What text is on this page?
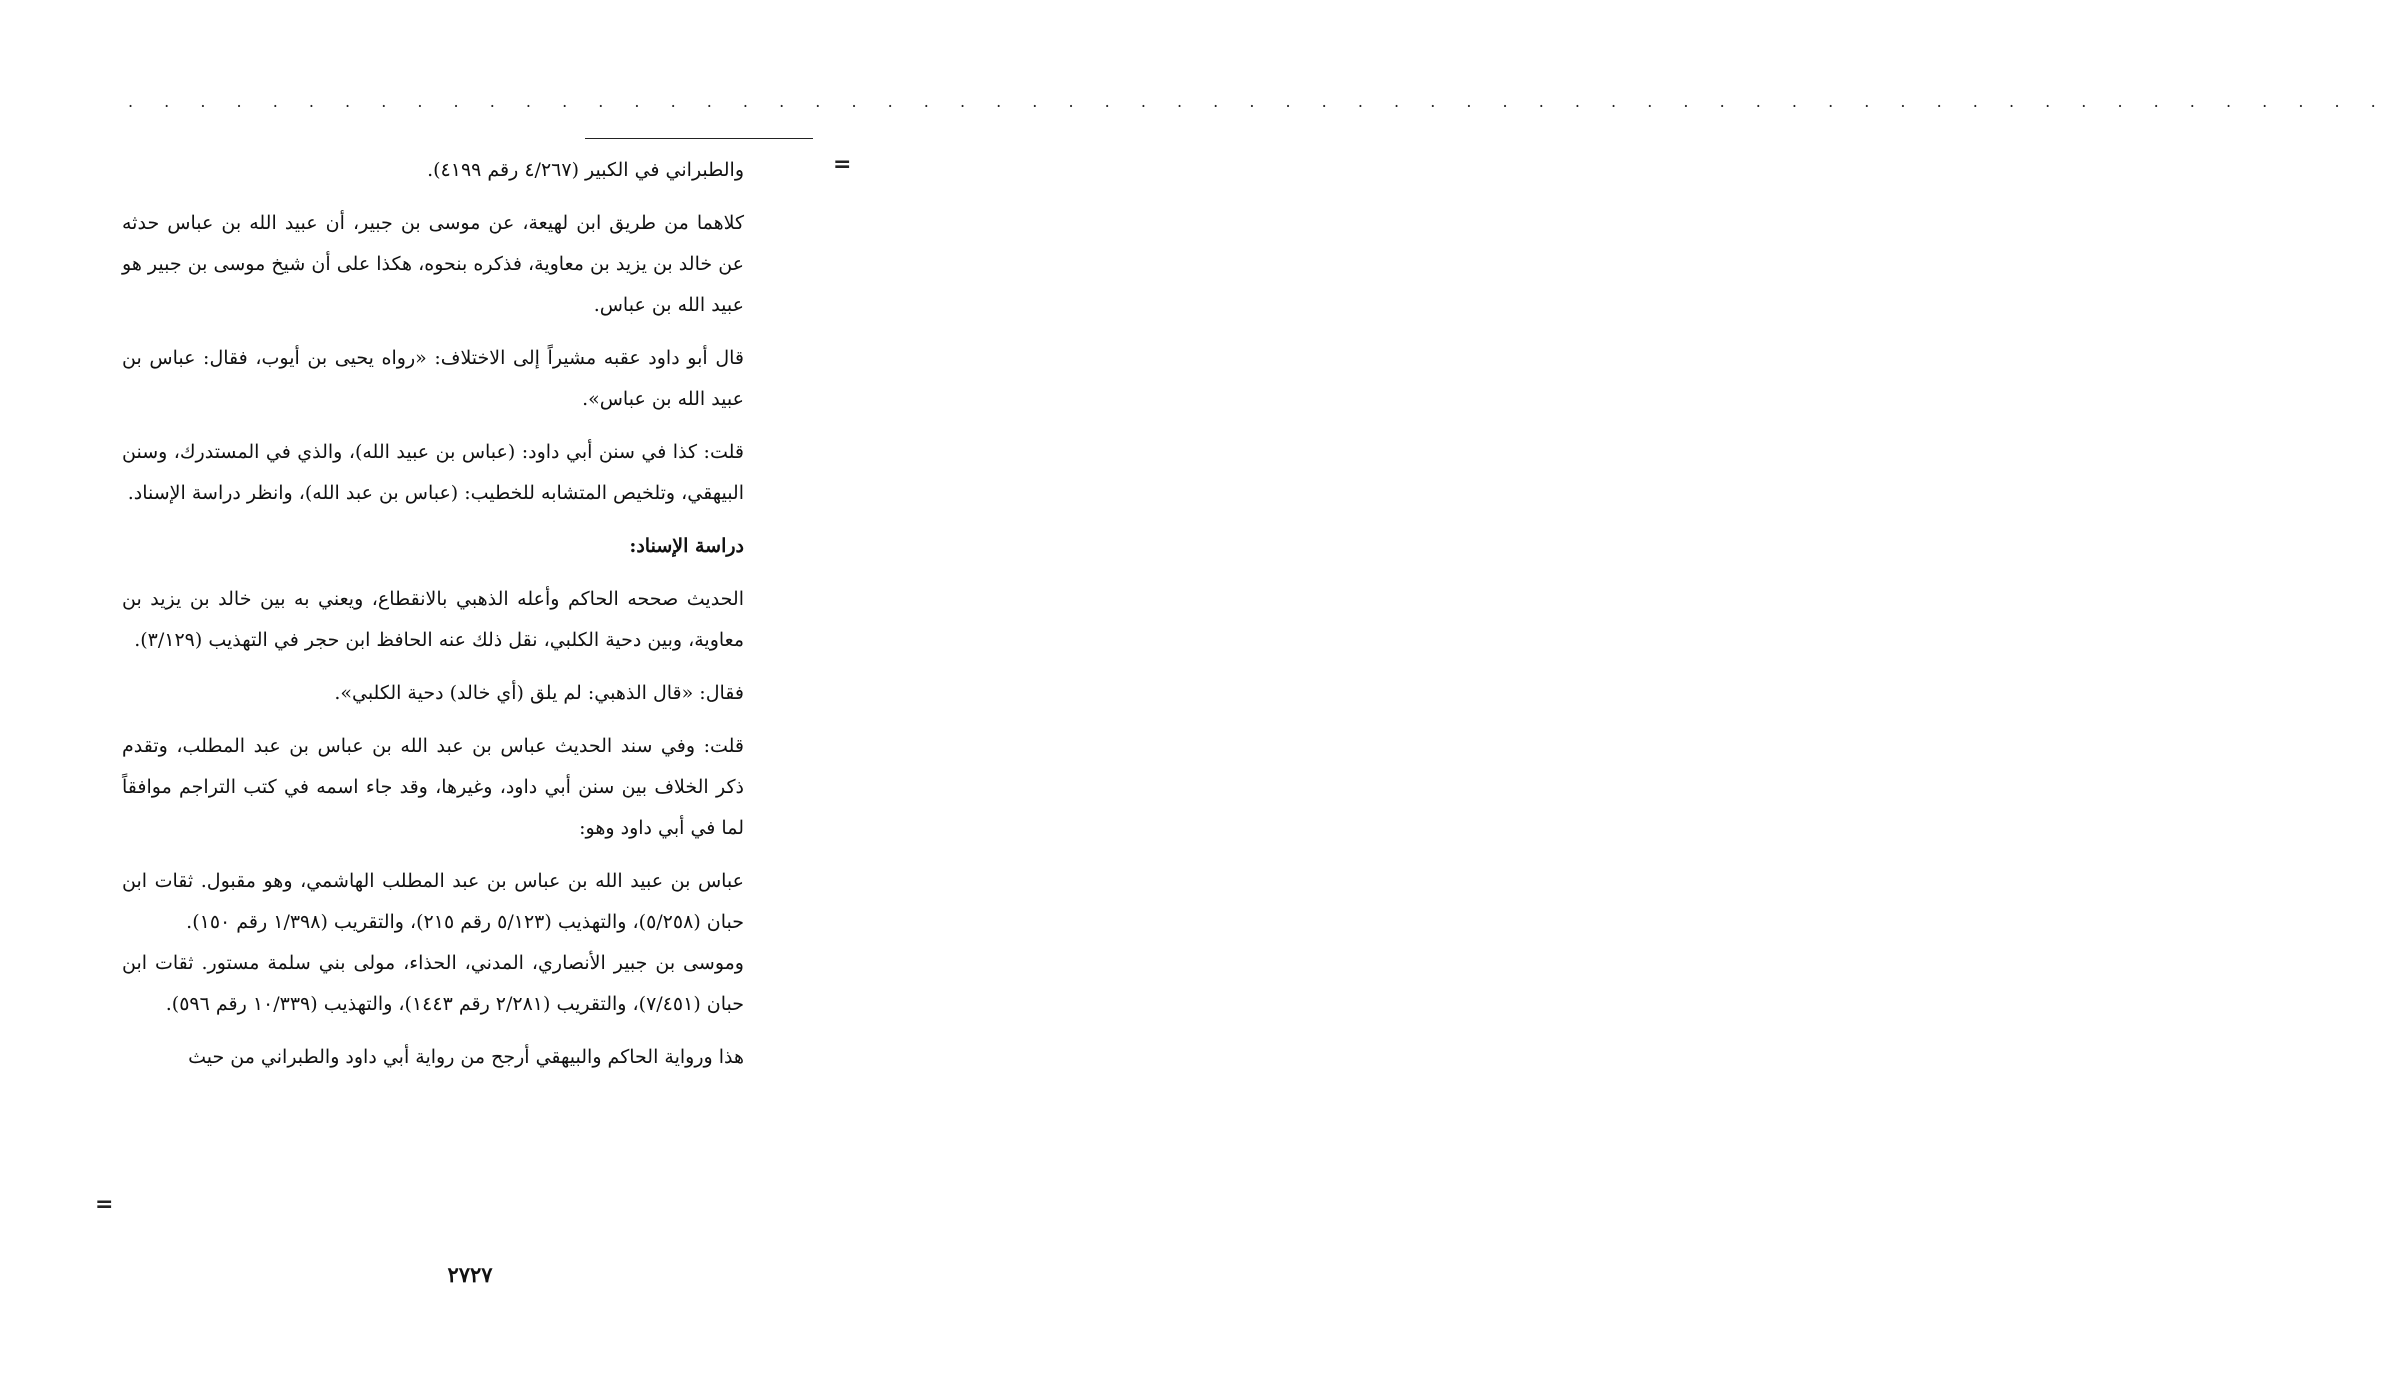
. . . . . . . . . . . . . . . . . . . . . . . . . . . . . . . . . . . . . . . . . . . . . . . . . . . . . . . . . . . . . . .
=

والطبراني في الكبير (٤/٢٦٧ رقم ٤١٩٩).

كلاهما من طريق ابن لهيعة، عن موسى بن جبير، أن عبيد الله بن عباس حدثه عن خالد بن يزيد بن معاوية، فذكره بنحوه، هكذا على أن شيخ موسى بن جبير هو عبيد الله بن عباس.

قال أبو داود عقبه مشيراً إلى الاختلاف: «رواه يحيى بن أيوب، فقال: عباس بن عبيد الله بن عباس».

قلت: كذا في سنن أبي داود: (عباس بن عبيد الله)، والذي في المستدرك، وسنن البيهقي، وتلخيص المتشابه للخطيب: (عباس بن عبد الله)، وانظر دراسة الإسناد.

دراسة الإسناد:

الحديث صححه الحاكم وأعله الذهبي بالانقطاع، ويعني به بين خالد بن يزيد بن معاوية، وبين دحية الكلبي، نقل ذلك عنه الحافظ ابن حجر في التهذيب (٣/١٢٩).

فقال: «قال الذهبي: لم يلق (أي خالد) دحية الكلبي».

قلت: وفي سند الحديث عباس بن عبد الله بن عباس بن عبد المطلب، وتقدم ذكر الخلاف بين سنن أبي داود، وغيرها، وقد جاء اسمه في كتب التراجم موافقاً لما في أبي داود وهو:

عباس بن عبيد الله بن عباس بن عبد المطلب الهاشمي، وهو مقبول. ثقات ابن حبان (٥/٢٥٨)، والتهذيب (٥/١٢٣ رقم ٢١٥)، والتقريب (١/٣٩٨ رقم ١٥٠).

وموسى بن جبير الأنصاري، المدني، الحذاء، مولى بني سلمة مستور. ثقات ابن حبان (٧/٤٥١)، والتقريب (٢/٢٨١ رقم ١٤٤٣)، والتهذيب (١٠/٣٣٩ رقم ٥٩٦).

هذا ورواية الحاكم والبيهقي أرجح من رواية أبي داود والطبراني من حيث

=
٢٧٢٧
